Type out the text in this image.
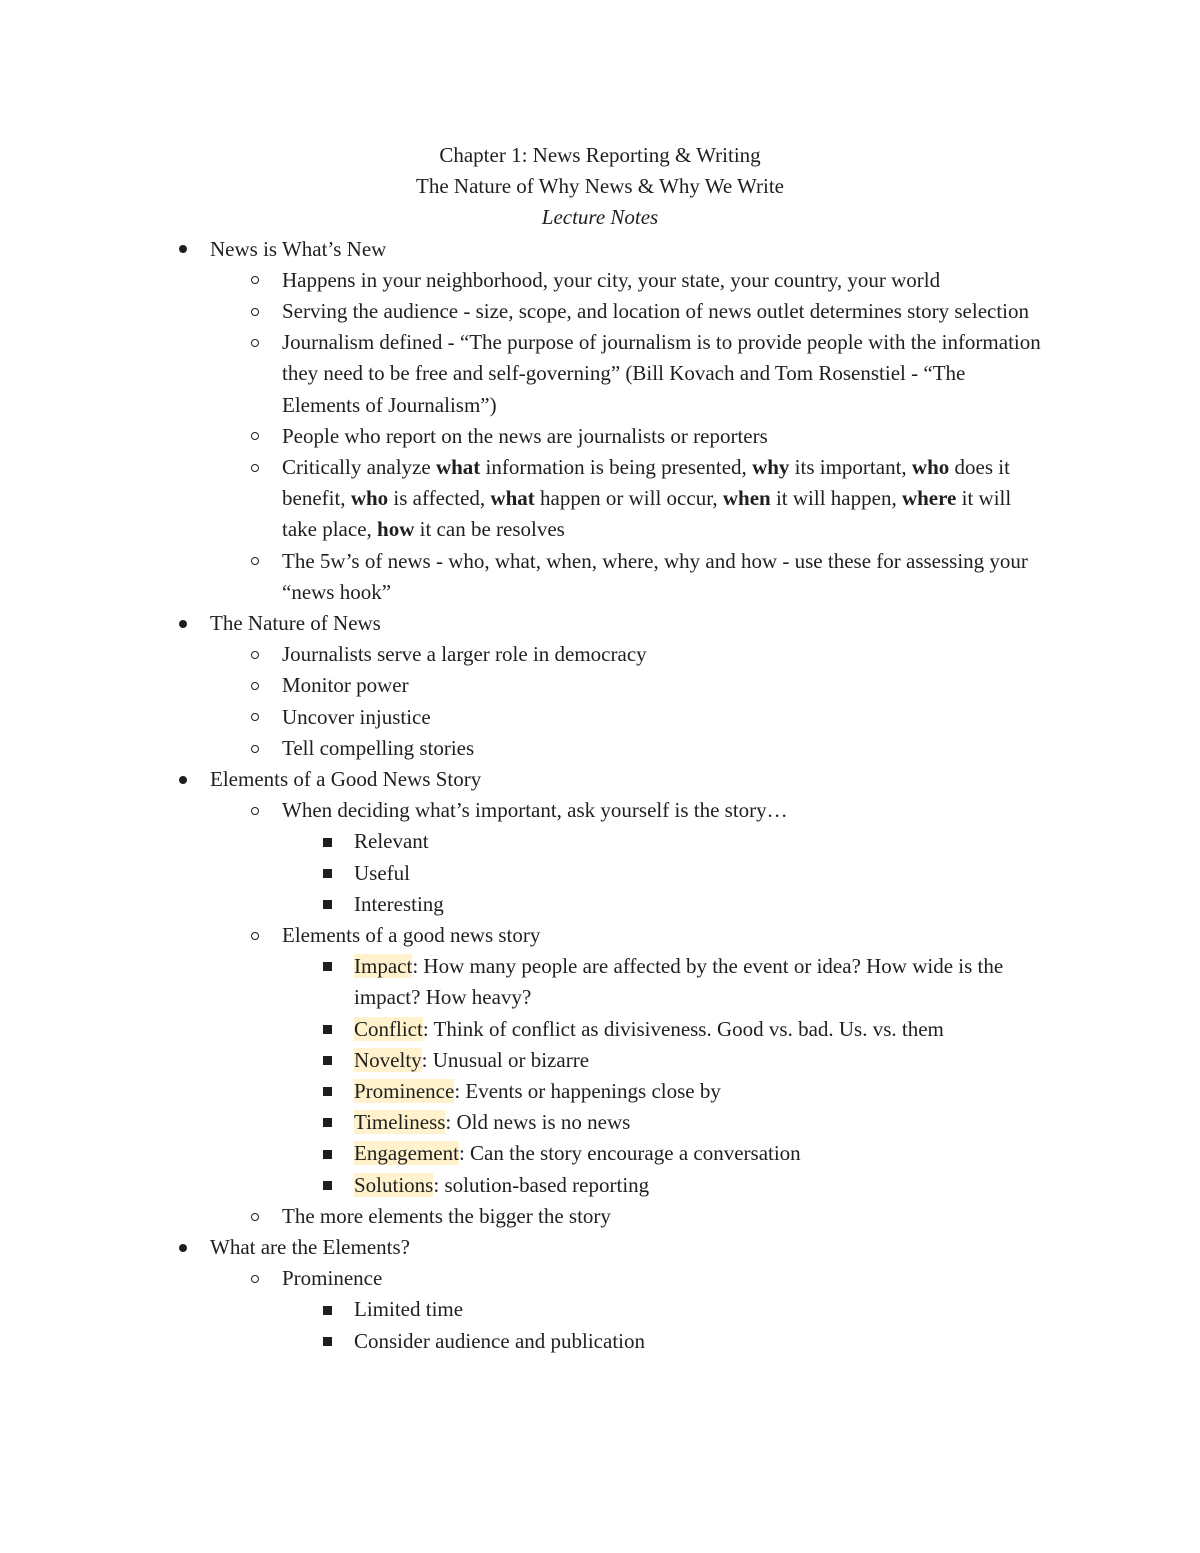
Chapter 1: News Reporting & Writing
The Nature of Why News & Why We Write
Lecture Notes
News is What’s New
Happens in your neighborhood, your city, your state, your country, your world
Serving the audience - size, scope, and location of news outlet determines story selection
Journalism defined - “The purpose of journalism is to provide people with the information they need to be free and self-governing” (Bill Kovach and Tom Rosenstiel - “The Elements of Journalism”)
People who report on the news are journalists or reporters
Critically analyze what information is being presented, why its important, who does it benefit, who is affected, what happen or will occur, when it will happen, where it will take place, how it can be resolves
The 5w’s of news - who, what, when, where, why and how - use these for assessing your “news hook”
The Nature of News
Journalists serve a larger role in democracy
Monitor power
Uncover injustice
Tell compelling stories
Elements of a Good News Story
When deciding what’s important, ask yourself is the story…
Relevant
Useful
Interesting
Elements of a good news story
Impact: How many people are affected by the event or idea? How wide is the impact? How heavy?
Conflict: Think of conflict as divisiveness. Good vs. bad. Us. vs. them
Novelty: Unusual or bizarre
Prominence: Events or happenings close by
Timeliness: Old news is no news
Engagement: Can the story encourage a conversation
Solutions: solution-based reporting
The more elements the bigger the story
What are the Elements?
Prominence
Limited time
Consider audience and publication
